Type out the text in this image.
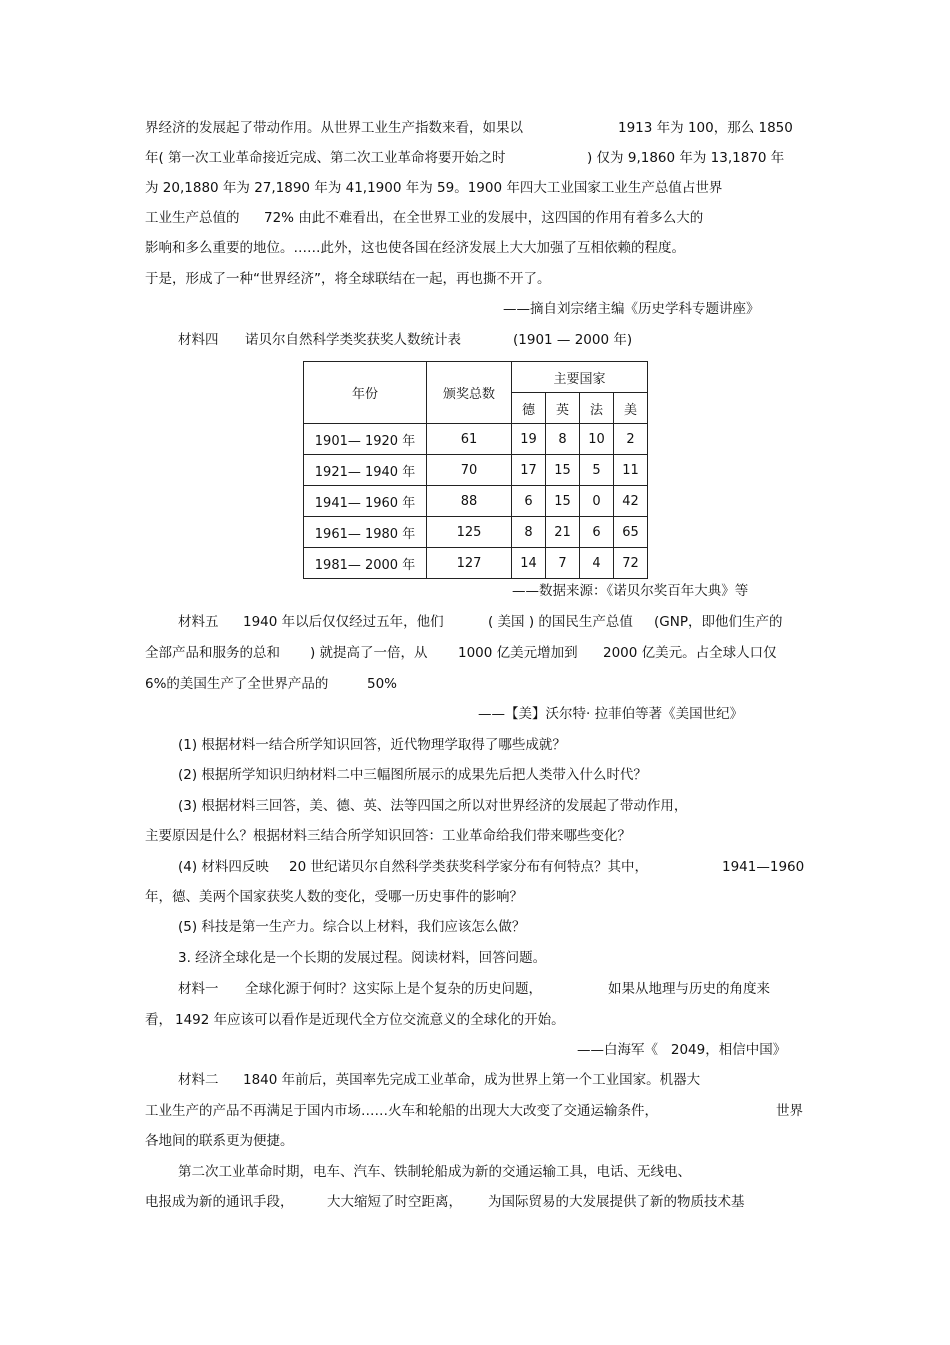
界经济的发展起了带动作用。从世界工业生产指数来看，如果以	1913 年为 100，那么 1850
年( 第一次工业革命接近完成、第二次工业革命将要开始之时	) 仅为 9,1860 年为 13,1870 年
为 20,1880 年为 27,1890 年为 41,1900 年为 59。1900 年四大工业国家工业生产总值占世界
工业生产总值的 72% 由此不难看出，在全世界工业的发展中，这四国的作用有着多么大的
影响和多么重要的地位。……此外，这也使各国在经济发展上大大加强了互相依赖的程度。
于是，形成了一种“世界经济”，将全球联结在一起，再也撕不开了。
——摘自刘宗绪主编《历史学科专题讲座》
材料四 诺贝尔自然科学类奖获奖人数统计表	(1901 — 2000 年)
年份	颁奖总数	主要国家			
		德	英	法	美
1901— 1920 年	61	19	8	10	2
1921— 1940 年	70	17	15	5	11
1941— 1960 年	88	6	15	0	42
1961— 1980 年	125	8	21	6	65
1981— 2000 年	127	14	7	4	72
——数据来源：《诺贝尔奖百年大典》等
材料五 1940 年以后仅仅经过五年，他们	( 美国 ) 的国民生产总值 (GNP，即他们生产的
全部产品和服务的总和 ) 就提高了一倍，从 1000 亿美元增加到 2000 亿美元。占全球人口仅
6%的美国生产了全世界产品的	50%
——【美】沃尔特· 拉菲伯等著《美国世纪》
(1) 根据材料一结合所学知识回答，近代物理学取得了哪些成就？
(2) 根据所学知识归纳材料二中三幅图所展示的成果先后把人类带入什么时代？
(3) 根据材料三回答，美、德、英、法等四国之所以对世界经济的发展起了带动作用，
主要原因是什么？根据材料三结合所学知识回答：工业革命给我们带来哪些变化？
(4) 材料四反映 20 世纪诺贝尔自然科学类获奖科学家分布有何特点？其中，	1941—1960
年，德、美两个国家获奖人数的变化，受哪一历史事件的影响？
(5) 科技是第一生产力。综合以上材料，我们应该怎么做？
3. 经济全球化是一个长期的发展过程。阅读材料，回答问题。
材料一 全球化源于何时？这实际上是个复杂的历史问题，	如果从地理与历史的角度来
看， 1492 年应该可以看作是近现代全方位交流意义的全球化的开始。
——白海军《   2049，相信中国》
材料二 1840 年前后，英国率先完成工业革命，成为世界上第一个工业国家。机器大
工业生产的产品不再满足于国内市场……火车和轮船的出现大大改变了交通运输条件，	世界
各地间的联系更为便捷。
第二次工业革命时期，电车、汽车、铁制轮船成为新的交通运输工具，电话、无线电、
电报成为新的通讯手段， 大大缩短了时空距离， 为国际贸易的大发展提供了新的物质技术基
